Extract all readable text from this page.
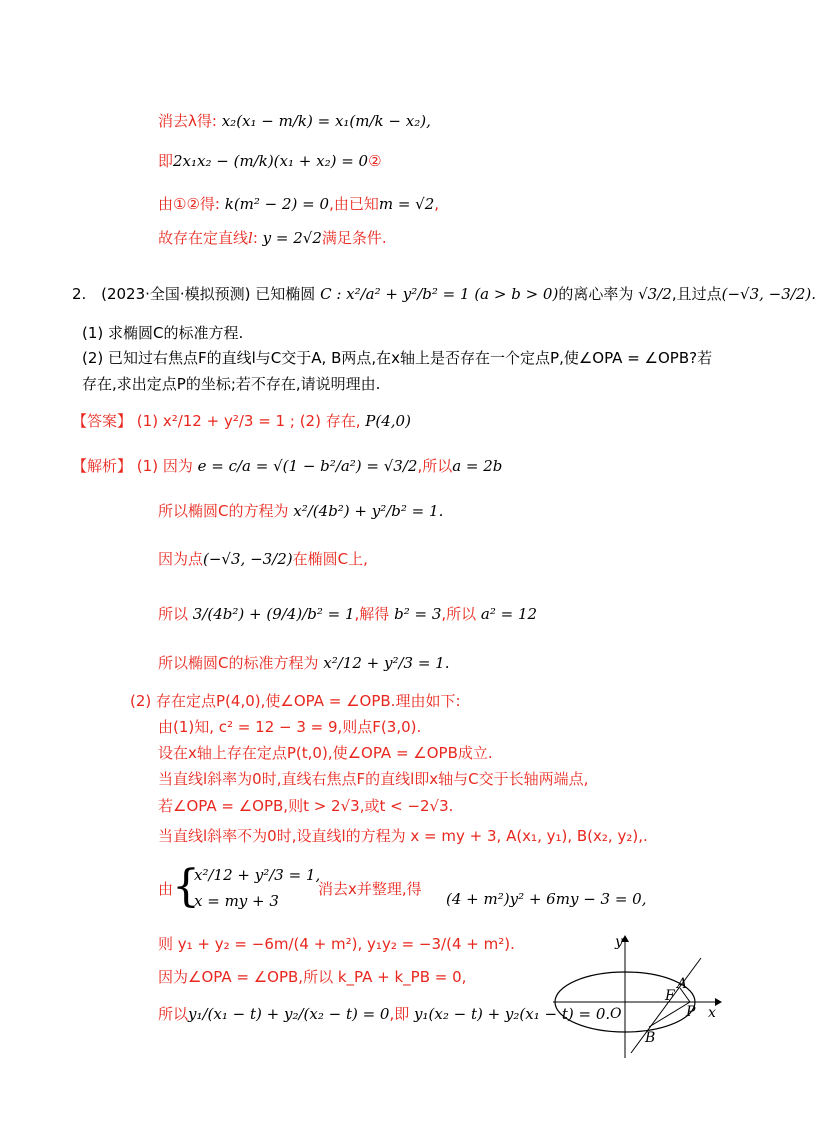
消去λ得: x₂(x₁ − m/k) = x₁(m/k − x₂),
即2x₁x₂ − (m/k)(x₁ + x₂) = 0②
由①②得: k(m² − 2) = 0,由已知m = √2,
故存在定直线l: y = 2√2满足条件.
2. (2023·全国·模拟预测) 已知椭圆 C : x²/a² + y²/b² = 1 (a > b > 0)的离心率为 √3/2,且过点(−√3, −3/2).
(1) 求椭圆C的标准方程.
(2) 已知过右焦点F的直线l与C交于A, B两点,在x轴上是否存在一个定点P,使∠OPA = ∠OPB?若
存在,求出定点P的坐标;若不存在,请说明理由.
【答案】 (1) x²/12 + y²/3 = 1 ; (2) 存在, P(4,0)
【解析】 (1) 因为 e = c/a = √(1 − b²/a²) = √3/2,所以a = 2b
所以椭圆C的方程为 x²/(4b²) + y²/b² = 1.
因为点(−√3, −3/2)在椭圆C上,
所以 3/(4b²) + (9/4)/b² = 1,解得 b² = 3,所以 a² = 12
所以椭圆C的标准方程为 x²/12 + y²/3 = 1.
(2) 存在定点P(4,0),使∠OPA = ∠OPB.理由如下:
由(1)知, c² = 12 − 3 = 9,则点F(3,0).
设在x轴上存在定点P(t,0),使∠OPA = ∠OPB成立.
当直线l斜率为0时,直线右焦点F的直线l即x轴与C交于长轴两端点,
若∠OPA = ∠OPB,则t > 2√3,或t < −2√3.
当直线l斜率不为0时,设直线l的方程为 x = my + 3, A(x₁, y₁), B(x₂, y₂),.
由
{
x²/12 + y²/3 = 1,
x = my + 3
消去x并整理,得
(4 + m²)y² + 6my − 3 = 0,
则 y₁ + y₂ = −6m/(4 + m²), y₁y₂ = −3/(4 + m²).
因为∠OPA = ∠OPB,所以 k_PA + k_PB = 0,
所以y₁/(x₁ − t) + y₂/(x₂ − t) = 0,即 y₁(x₂ − t) + y₂(x₁ − t) = 0.
y
x
O
F
P
A
B
